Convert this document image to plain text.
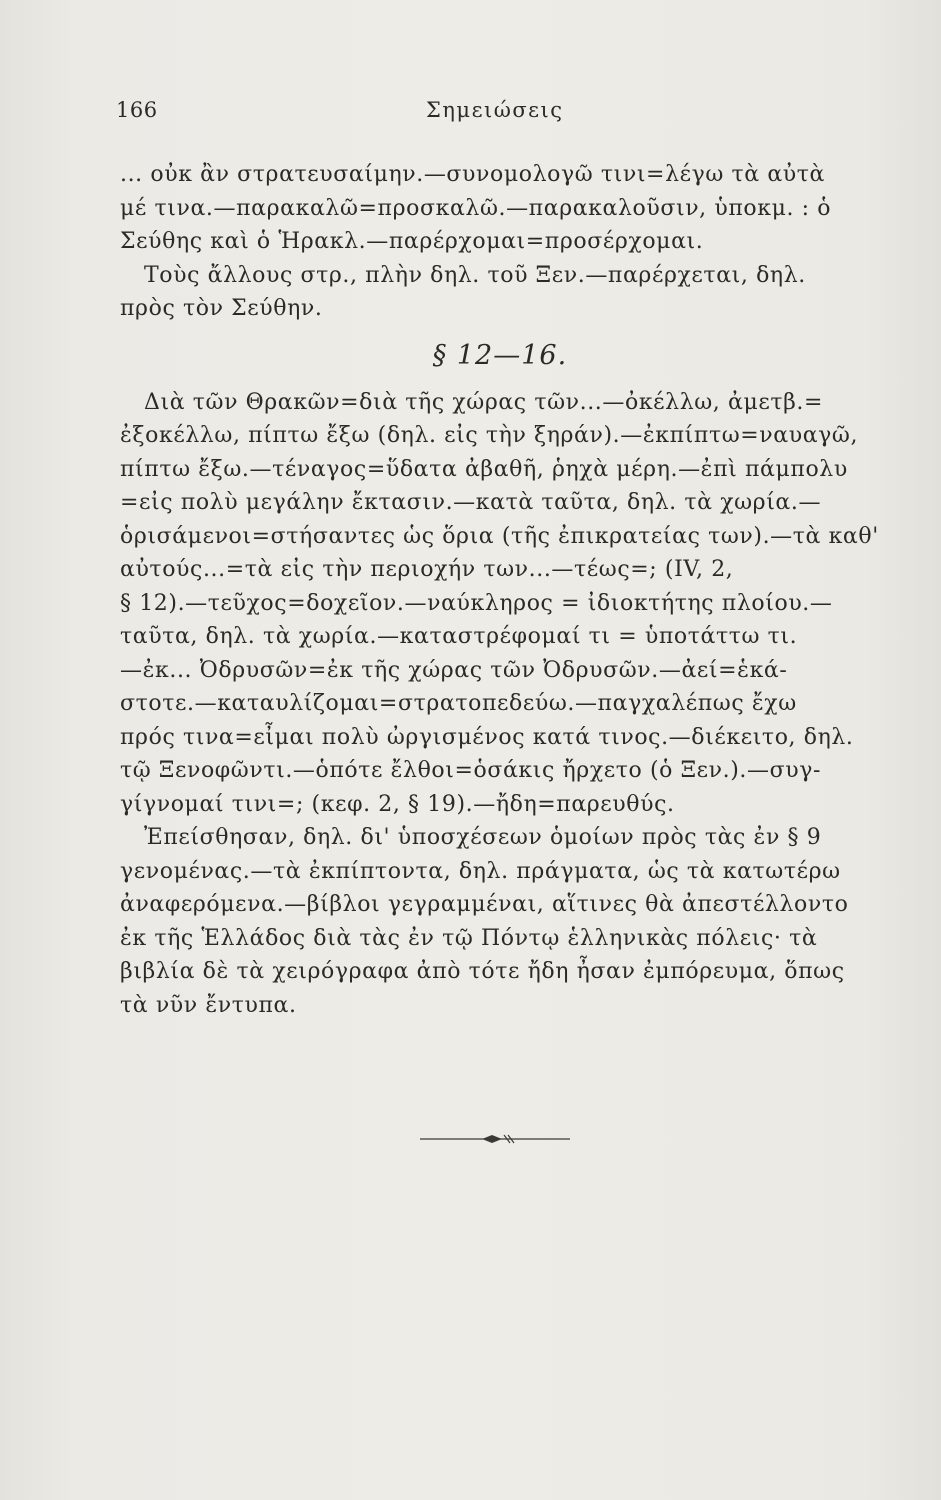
166	Σημειώσεις
... οὐκ ἂν στρατευσαίμην.—συνομολογῶ τινι=λέγω τὰ αὐτὰ
μέ τινα.—παρακαλῶ=προσκαλῶ.—παρακαλοῦσιν, ὑποκμ. : ὁ
Σεύθης καὶ ὁ Ἡρακλ.—παρέρχομαι=προσέρχομαι.
Τοὺς ἄλλους στρ., πλὴν δηλ. τοῦ Ξεν.—παρέρχεται, δηλ.
πρὸς τὸν Σεύθην.
§ 12—16.
Διὰ τῶν Θρακῶν=διὰ τῆς χώρας τῶν...—ὀκέλλω, ἀμετβ.=
ἐξοκέλλω, πίπτω ἔξω (δηλ. εἰς τὴν ξηράν).—ἐκπίπτω=ναυαγῶ,
πίπτω ἔξω.—τέναγος=ὕδατα ἀβαθῆ, ῥηχὰ μέρη.—ἐπὶ πάμπολυ
=εἰς πολὺ μεγάλην ἔκτασιν.—κατὰ ταῦτα, δηλ. τὰ χωρία.—
ὁρισάμενοι=στήσαντες ὡς ὅρια (τῆς ἐπικρατείας των).—τὰ καθ'
αὐτούς...=τὰ εἰς τὴν περιοχήν των...—τέως=; (IV, 2,
§ 12).—τεῦχος=δοχεῖον.—ναύκληρος = ἰδιοκτήτης πλοίου.—
ταῦτα, δηλ. τὰ χωρία.—καταστρέφομαί τι = ὑποτάττω τι.
—ἐκ... Ὀδρυσῶν=ἐκ τῆς χώρας τῶν Ὀδρυσῶν.—ἀεί=ἑκά-
στοτε.—καταυλίζομαι=στρατοπεδεύω.—παγχαλέπως ἔχω
πρός τινα=εἶμαι πολὺ ὠργισμένος κατά τινος.—διέκειτο, δηλ.
τῷ Ξενοφῶντι.—ὁπότε ἔλθοι=ὁσάκις ἤρχετο (ὁ Ξεν.).—συγ-
γίγνομαί τινι=; (κεφ. 2, § 19).—ἤδη=παρευθύς.
Ἐπείσθησαν, δηλ. δι' ὑποσχέσεων ὁμοίων πρὸς τὰς ἐν § 9
γενομένας.—τὰ ἐκπίπτοντα, δηλ. πράγματα, ὡς τὰ κατωτέρω
ἀναφερόμενα.—βίβλοι γεγραμμέναι, αἵτινες θὰ ἀπεστέλλοντο
ἐκ τῆς Ἑλλάδος διὰ τὰς ἐν τῷ Πόντῳ ἑλληνικὰς πόλεις· τὰ
βιβλία δὲ τὰ χειρόγραφα ἀπὸ τότε ἤδη ἦσαν ἐμπόρευμα, ὅπως
τὰ νῦν ἔντυπα.
